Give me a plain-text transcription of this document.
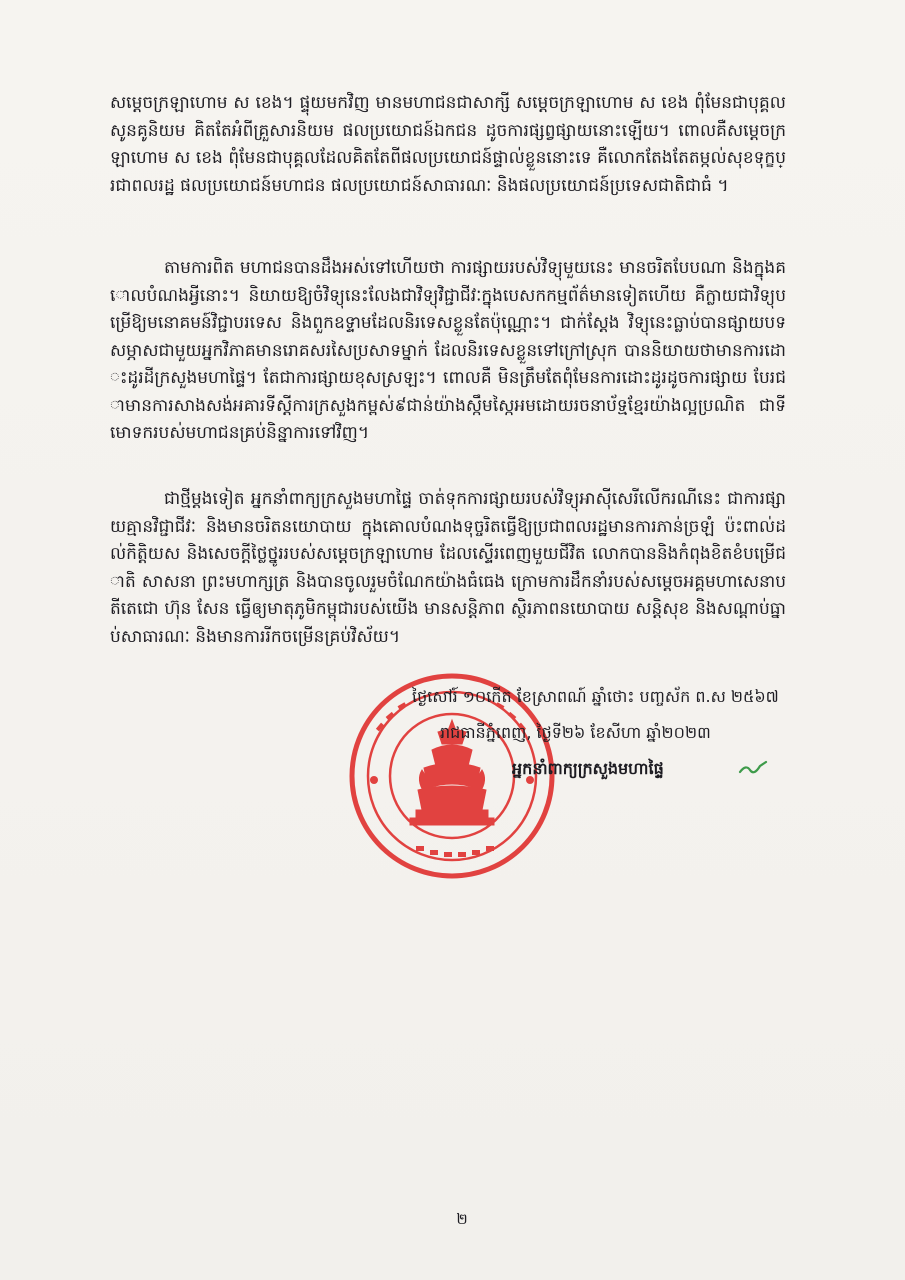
សម្តេចក្រឡាហោម ស ខេង។ ផ្ទុយមកវិញ មានមហាជនជាសាក្សី សម្តេចក្រឡាហោម ស ខេង ពុំមែនជាបុគ្គលសូនគូនិយម គិតតែអំពីគ្រួសារនិយម ផលប្រយោជន៍ឯកជន ដូចការផ្សព្វផ្សាយនោះឡើយ។ ពោលគឺសម្តេចក្រឡាហោម ស ខេង ពុំមែនជាបុគ្គលដែលគិតតែពីផលប្រយោជន៍ផ្ទាល់ខ្លួននោះទេ គឺលោកតែងតែតម្កល់សុខទុក្ខប្រជាពលរដ្ឋ ផលប្រយោជន៍មហាជន ផលប្រយោជន៍សាធារណៈ និងផលប្រយោជន៍ប្រទេសជាតិជាធំ ។
តាមការពិត មហាជនបានដឹងអស់ទៅហើយថា ការផ្សាយរបស់វិទ្យុមួយនេះ មានចរិតបែបណា និងក្នុងគោលបំណងអ្វីនោះ។ និយាយឱ្យចំវិទ្យុនេះលែងជាវិទ្យុវិជ្ជាជីវៈក្នុងបេសកកម្មព័ត៌មានទៀតហើយ គឺក្លាយជាវិទ្យុបម្រើឱ្យមនោគមន៍វិជ្ជាបរទេស និងពួកឧទ្ទាមដែលនិរទេសខ្លួនតែប៉ុណ្ណោះ។ ជាក់ស្តែង វិទ្យុនេះធ្លាប់បានផ្សាយបទសម្ភាសជាមួយអ្នកវិភាគមានរោគសរសៃប្រសាទម្នាក់ ដែលនិរទេសខ្លួនទៅក្រៅស្រុក បាននិយាយថាមានការដោះដូរដីក្រសួងមហាផ្ទៃ។ តែជាការផ្សាយខុសស្រឡះ។ ពោលគឺ មិនត្រឹមតែពុំមែនការដោះដូរដូចការផ្សាយ បែរជាមានការសាងសង់អគារទីស្តីការក្រសួងកម្ពស់៩ជាន់យ៉ាងស្កឹមស្កៃអមដោយរចនាប័ទ្មខ្មែរយ៉ាងល្អប្រណិត ជាទីមោទករបស់មហាជនគ្រប់និន្នាការទៅវិញ។
ជាថ្មីម្តងទៀត អ្នកនាំពាក្យក្រសួងមហាផ្ទៃ ចាត់ទុកការផ្សាយរបស់វិទ្យុអាស៊ីសេរីលើករណីនេះ ជាការផ្សាយគ្មានវិជ្ជាជីវៈ និងមានចរិតនយោបាយ ក្នុងគោលបំណងទុច្ចរិតធ្វើឱ្យប្រជាពលរដ្ឋមានការភាន់ច្រឡំ ប៉ះពាល់ដល់កិត្តិយស និងសេចក្តីថ្លៃថ្នូររបស់សម្តេចក្រឡាហោម ដែលស្ទើរពេញមួយជីវិត លោកបាននិងកំពុងខិតខំបម្រើជាតិ សាសនា ព្រះមហាក្សត្រ និងបានចូលរួមចំណែកយ៉ាងធំធេង ក្រោមការដឹកនាំរបស់សម្តេចអគ្គមហាសេនាបតីតេជោ ហ៊ុន សែន ធ្វើឲ្យមាតុភូមិកម្ពុជារបស់យើង មានសន្តិភាព ស្ថិរភាពនយោបាយ សន្តិសុខ និងសណ្តាប់ធ្នាប់សាធារណៈ និងមានការរីកចម្រើនគ្រប់វិស័យ។
ថ្ងៃសៅរ៍ ១០កើត ខែស្រាពណ៍ ឆ្នាំថោះ បញ្ចស័ក ព.ស ២៥៦៧
រាជធានីភ្នំពេញ, ថ្ងៃទី២៦ ខែសីហា ឆ្នាំ២០២៣
អ្នកនាំពាក្យក្រសួងមហាផ្ទៃ
២
